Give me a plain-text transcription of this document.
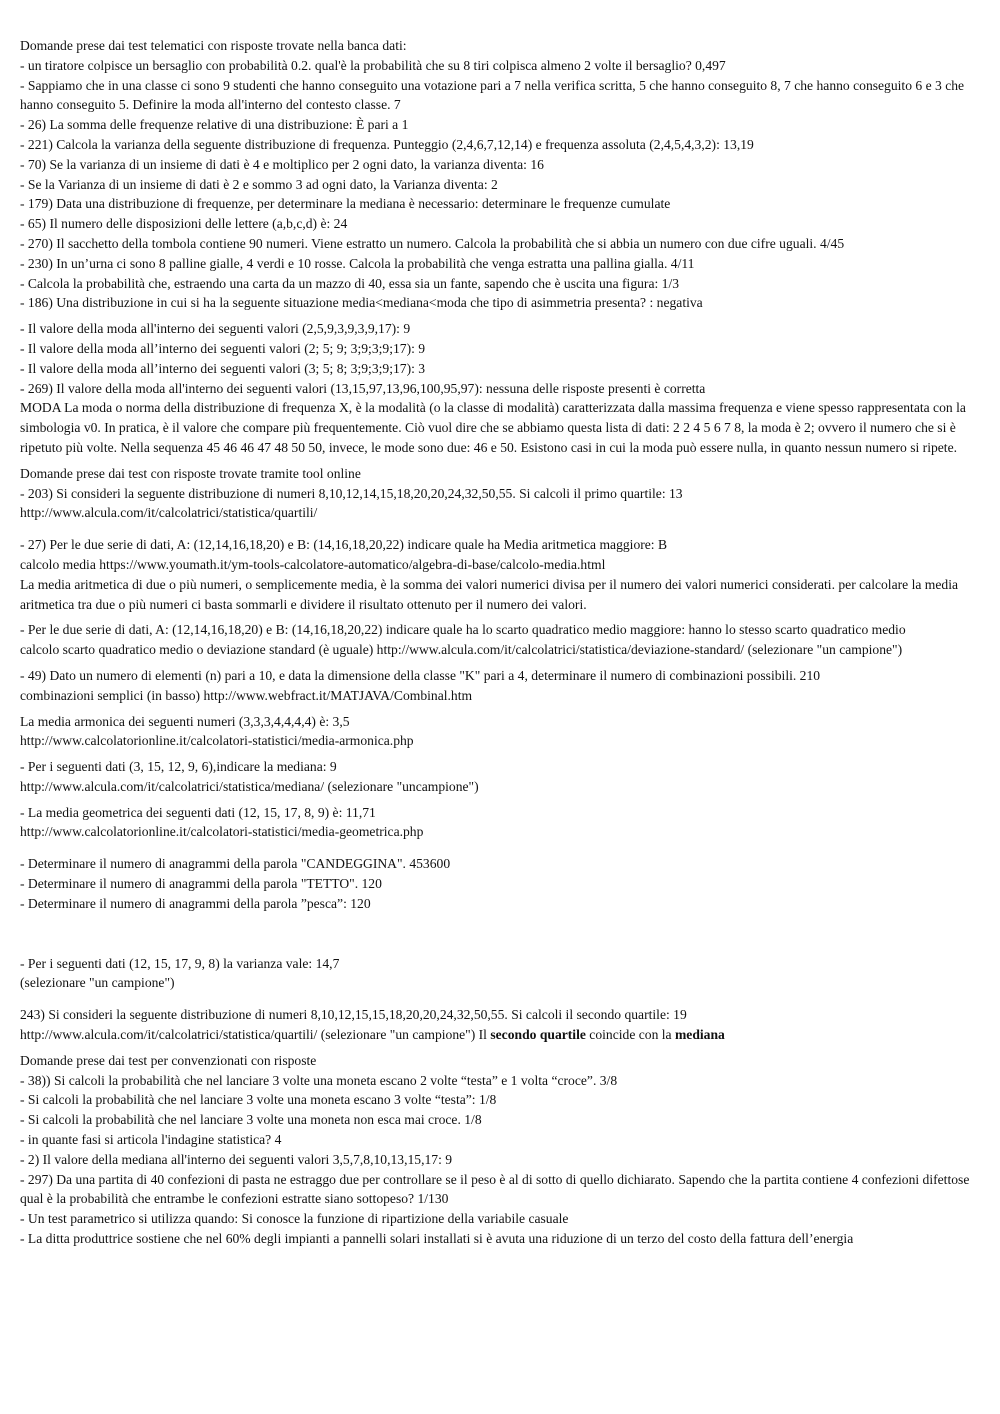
Domande prese dai test telematici con risposte trovate nella banca dati:
- un tiratore colpisce un bersaglio con probabilità 0.2. qual'è la probabilità che su 8 tiri colpisca almeno 2 volte il bersaglio? 0,497
- Sappiamo che in una classe ci sono 9 studenti che hanno conseguito una votazione pari a 7 nella verifica scritta, 5 che hanno conseguito 8, 7 che hanno conseguito 6 e 3 che hanno conseguito 5. Definire la moda all'interno del contesto classe. 7
- 26) La somma delle frequenze relative di una distribuzione: È pari a 1
- 221) Calcola la varianza della seguente distribuzione di frequenza. Punteggio (2,4,6,7,12,14) e frequenza assoluta (2,4,5,4,3,2): 13,19
- 70) Se la varianza di un insieme di dati è 4 e moltiplico per 2 ogni dato, la varianza diventa: 16
- Se la Varianza di un insieme di dati è 2 e sommo 3 ad ogni dato, la Varianza diventa: 2
- 179) Data una distribuzione di frequenze, per determinare la mediana è necessario: determinare le frequenze cumulate
- 65) Il numero delle disposizioni delle lettere (a,b,c,d) è: 24
- 270) Il sacchetto della tombola contiene 90 numeri. Viene estratto un numero. Calcola la probabilità che si abbia un numero con due cifre uguali. 4/45
- 230) In un’urna ci sono 8 palline gialle, 4 verdi e 10 rosse. Calcola la probabilità che venga estratta una pallina gialla. 4/11
- Calcola la probabilità che, estraendo una carta da un mazzo di 40, essa sia un fante, sapendo che è uscita una figura: 1/3
- 186) Una distribuzione in cui si ha la seguente situazione media<mediana<moda che tipo di asimmetria presenta? : negativa
- Il valore della moda all'interno dei seguenti valori (2,5,9,3,9,3,9,17): 9
- Il valore della moda all’interno dei seguenti valori (2; 5; 9; 3;9;3;9;17): 9
- Il valore della moda all’interno dei seguenti valori (3; 5; 8; 3;9;3;9;17): 3
- 269) Il valore della moda all'interno dei seguenti valori (13,15,97,13,96,100,95,97): nessuna delle risposte presenti è corretta
MODA La moda o norma della distribuzione di frequenza X, è la modalità (o la classe di modalità) caratterizzata dalla massima frequenza e viene spesso rappresentata con la simbologia v0. In pratica, è il valore che compare più frequentemente. Ciò vuol dire che se abbiamo questa lista di dati: 2 2 4 5 6 7 8, la moda è 2; ovvero il numero che si è ripetuto più volte. Nella sequenza 45 46 46 47 48 50 50, invece, le mode sono due: 46 e 50. Esistono casi in cui la moda può essere nulla, in quanto nessun numero si ripete.
Domande prese dai test con risposte trovate tramite tool online
- 203) Si consideri la seguente distribuzione di numeri 8,10,12,14,15,18,20,20,24,32,50,55. Si calcoli il primo quartile: 13
http://www.alcula.com/it/calcolatrici/statistica/quartili/
- 27) Per le due serie di dati, A: (12,14,16,18,20) e B: (14,16,18,20,22) indicare quale ha Media aritmetica maggiore: B
calcolo media https://www.youmath.it/ym-tools-calcolatore-automatico/algebra-di-base/calcolo-media.html
La media aritmetica di due o più numeri, o semplicemente media, è la somma dei valori numerici divisa per il numero dei valori numerici considerati. per calcolare la media aritmetica tra due o più numeri ci basta sommarli e dividere il risultato ottenuto per il numero dei valori.
- Per le due serie di dati, A: (12,14,16,18,20) e B: (14,16,18,20,22) indicare quale ha lo scarto quadratico medio maggiore: hanno lo stesso scarto quadratico medio
calcolo scarto quadratico medio o deviazione standard (è uguale) http://www.alcula.com/it/calcolatrici/statistica/deviazione-standard/ (selezionare "un campione")
- 49) Dato un numero di elementi (n) pari a 10, e data la dimensione della classe "K" pari a 4, determinare il numero di combinazioni possibili. 210
combinazioni semplici (in basso) http://www.webfract.it/MATJAVA/Combinal.htm
La media armonica dei seguenti numeri (3,3,3,4,4,4,4) è: 3,5
http://www.calcolatorionline.it/calcolatori-statistici/media-armonica.php
- Per i seguenti dati (3, 15, 12, 9, 6),indicare la mediana: 9
http://www.alcula.com/it/calcolatrici/statistica/mediana/ (selezionare "uncampione")
- La media geometrica dei seguenti dati (12, 15, 17, 8, 9) è: 11,71
http://www.calcolatorionline.it/calcolatori-statistici/media-geometrica.php
- Determinare il numero di anagrammi della parola "CANDEGGINA". 453600
- Determinare il numero di anagrammi della parola "TETTO". 120
- Determinare il numero di anagrammi della parola ”pesca”: 120
- Per i seguenti dati (12, 15, 17, 9, 8) la varianza vale: 14,7
(selezionare "un campione")
243) Si consideri la seguente distribuzione di numeri 8,10,12,15,15,18,20,20,24,32,50,55. Si calcoli il secondo quartile: 19
http://www.alcula.com/it/calcolatrici/statistica/quartili/ (selezionare "un campione") Il secondo quartile coincide con la mediana
Domande prese dai test per convenzionati con risposte
- 38)) Si calcoli la probabilità che nel lanciare 3 volte una moneta escano 2 volte “testa” e 1 volta “croce”. 3/8
- Si calcoli la probabilità che nel lanciare 3 volte una moneta escano 3 volte “testa”: 1/8
- Si calcoli la probabilità che nel lanciare 3 volte una moneta non esca mai croce. 1/8
- in quante fasi si articola l'indagine statistica? 4
- 2) Il valore della mediana all'interno dei seguenti valori 3,5,7,8,10,13,15,17: 9
- 297) Da una partita di 40 confezioni di pasta ne estraggo due per controllare se il peso è al di sotto di quello dichiarato. Sapendo che la partita contiene 4 confezioni difettose qual è la probabilità che entrambe le confezioni estratte siano sottopeso? 1/130
- Un test parametrico si utilizza quando: Si conosce la funzione di ripartizione della variabile casuale
- La ditta produttrice sostiene che nel 60% degli impianti a pannelli solari installati si è avuta una riduzione di un terzo del costo della fattura dell’energia
